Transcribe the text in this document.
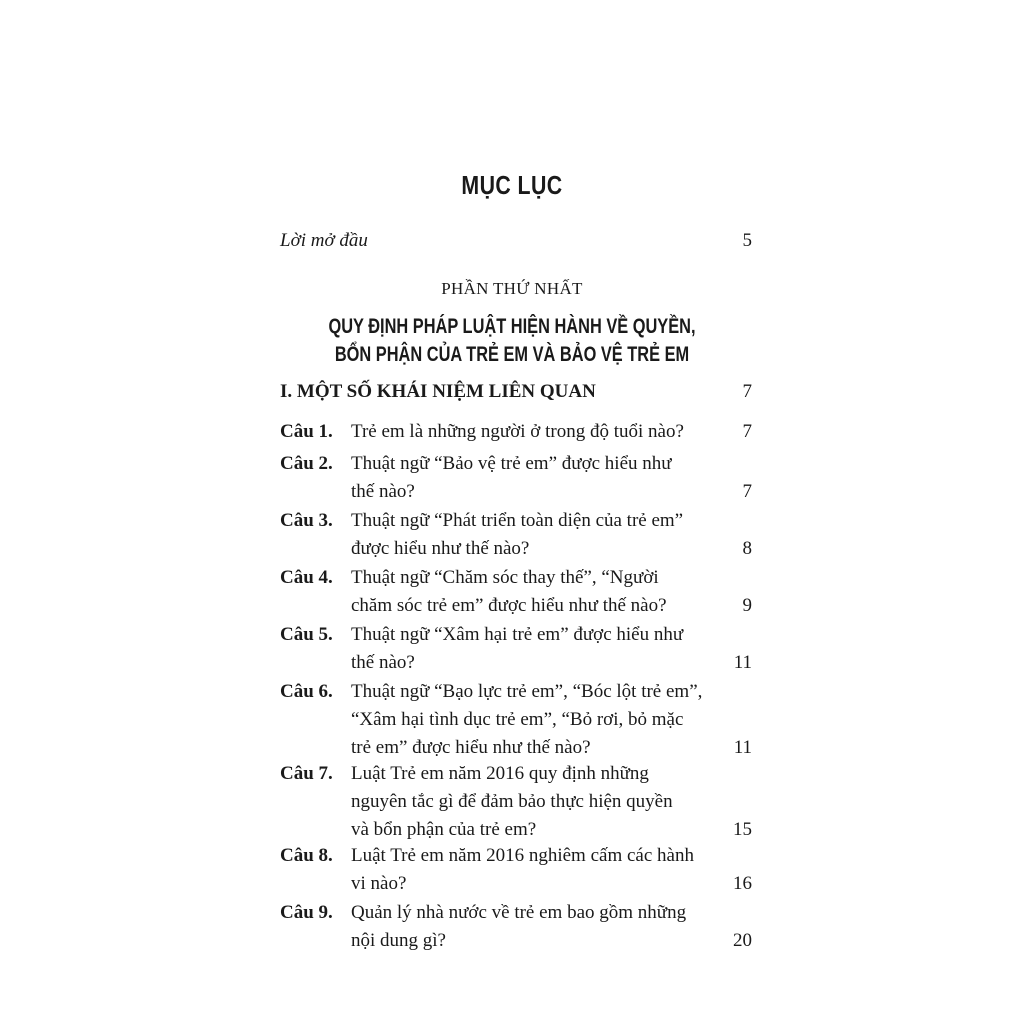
MỤC LỤC
Lời mở đầu	5
PHẦN THỨ NHẤT
QUY ĐỊNH PHÁP LUẬT HIỆN HÀNH VỀ QUYỀN,
BỔN PHẬN CỦA TRẺ EM VÀ BẢO VỆ TRẺ EM
I. MỘT SỐ KHÁI NIỆM LIÊN QUAN	7
Câu 1. Trẻ em là những người ở trong độ tuổi nào?	7
Câu 2. Thuật ngữ “Bảo vệ trẻ em” được hiểu như
thế nào?	7
Câu 3. Thuật ngữ “Phát triển toàn diện của trẻ em”
được hiểu như thế nào?	8
Câu 4. Thuật ngữ “Chăm sóc thay thế”, “Người
chăm sóc trẻ em” được hiểu như thế nào?	9
Câu 5. Thuật ngữ “Xâm hại trẻ em” được hiểu như
thế nào?	11
Câu 6. Thuật ngữ “Bạo lực trẻ em”, “Bóc lột trẻ em”,
“Xâm hại tình dục trẻ em”, “Bỏ rơi, bỏ mặc
trẻ em” được hiểu như thế nào?	11
Câu 7. Luật Trẻ em năm 2016 quy định những
nguyên tắc gì để đảm bảo thực hiện quyền
và bổn phận của trẻ em?	15
Câu 8. Luật Trẻ em năm 2016 nghiêm cấm các hành
vi nào?	16
Câu 9. Quản lý nhà nước về trẻ em bao gồm những
nội dung gì?	20
